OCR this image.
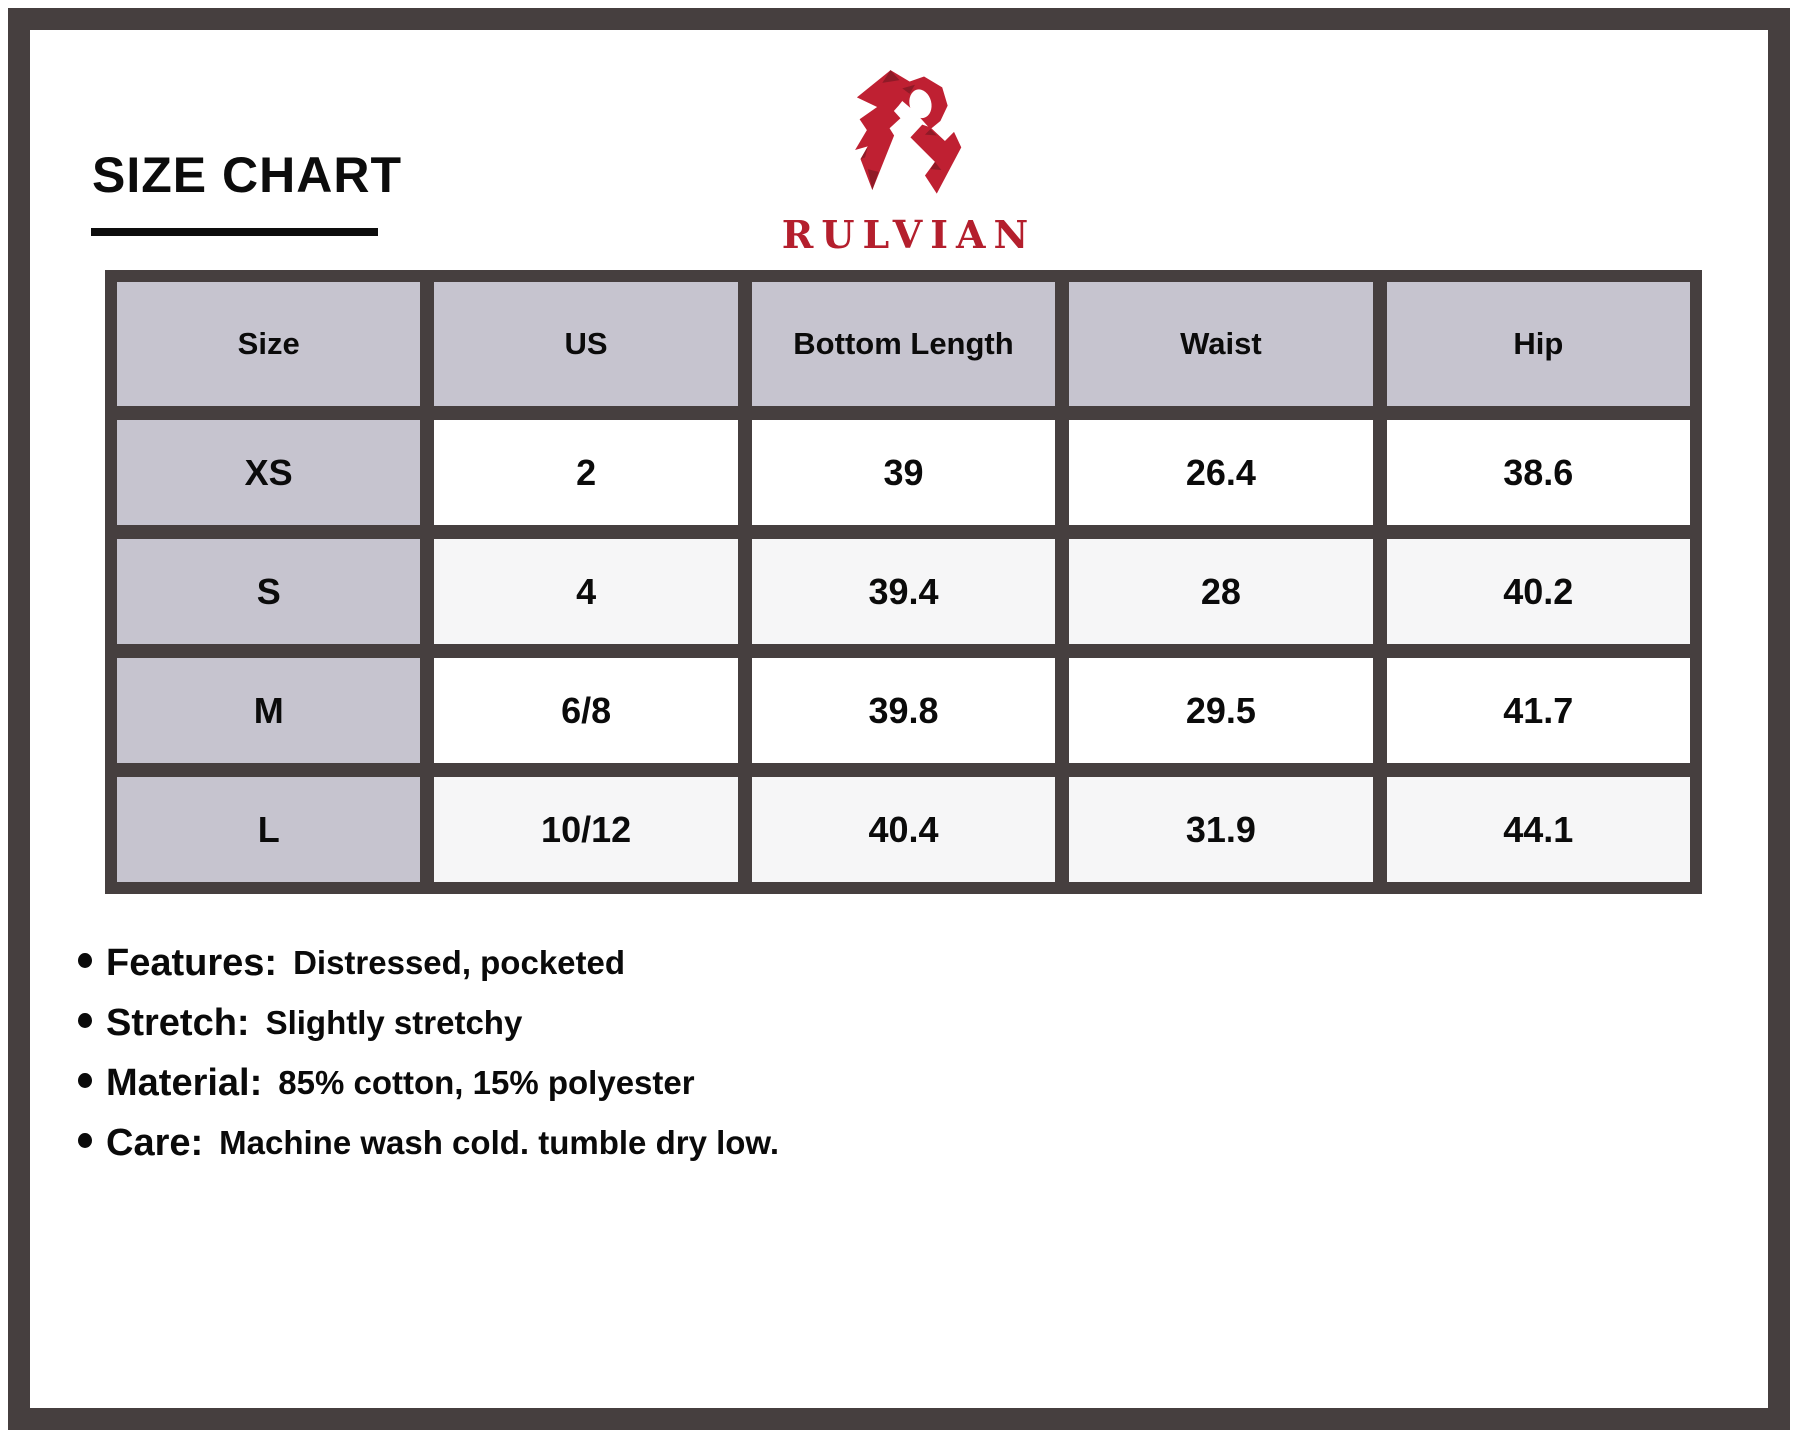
SIZE CHART
RULVIAN
Size	US	Bottom Length	Waist	Hip
XS	2	39	26.4	38.6
S	4	39.4	28	40.2
M	6/8	39.8	29.5	41.7
L	10/12	40.4	31.9	44.1
Features: Distressed, pocketed
Stretch: Slightly stretchy
Material: 85% cotton, 15% polyester
Care: Machine wash cold. tumble dry low.
